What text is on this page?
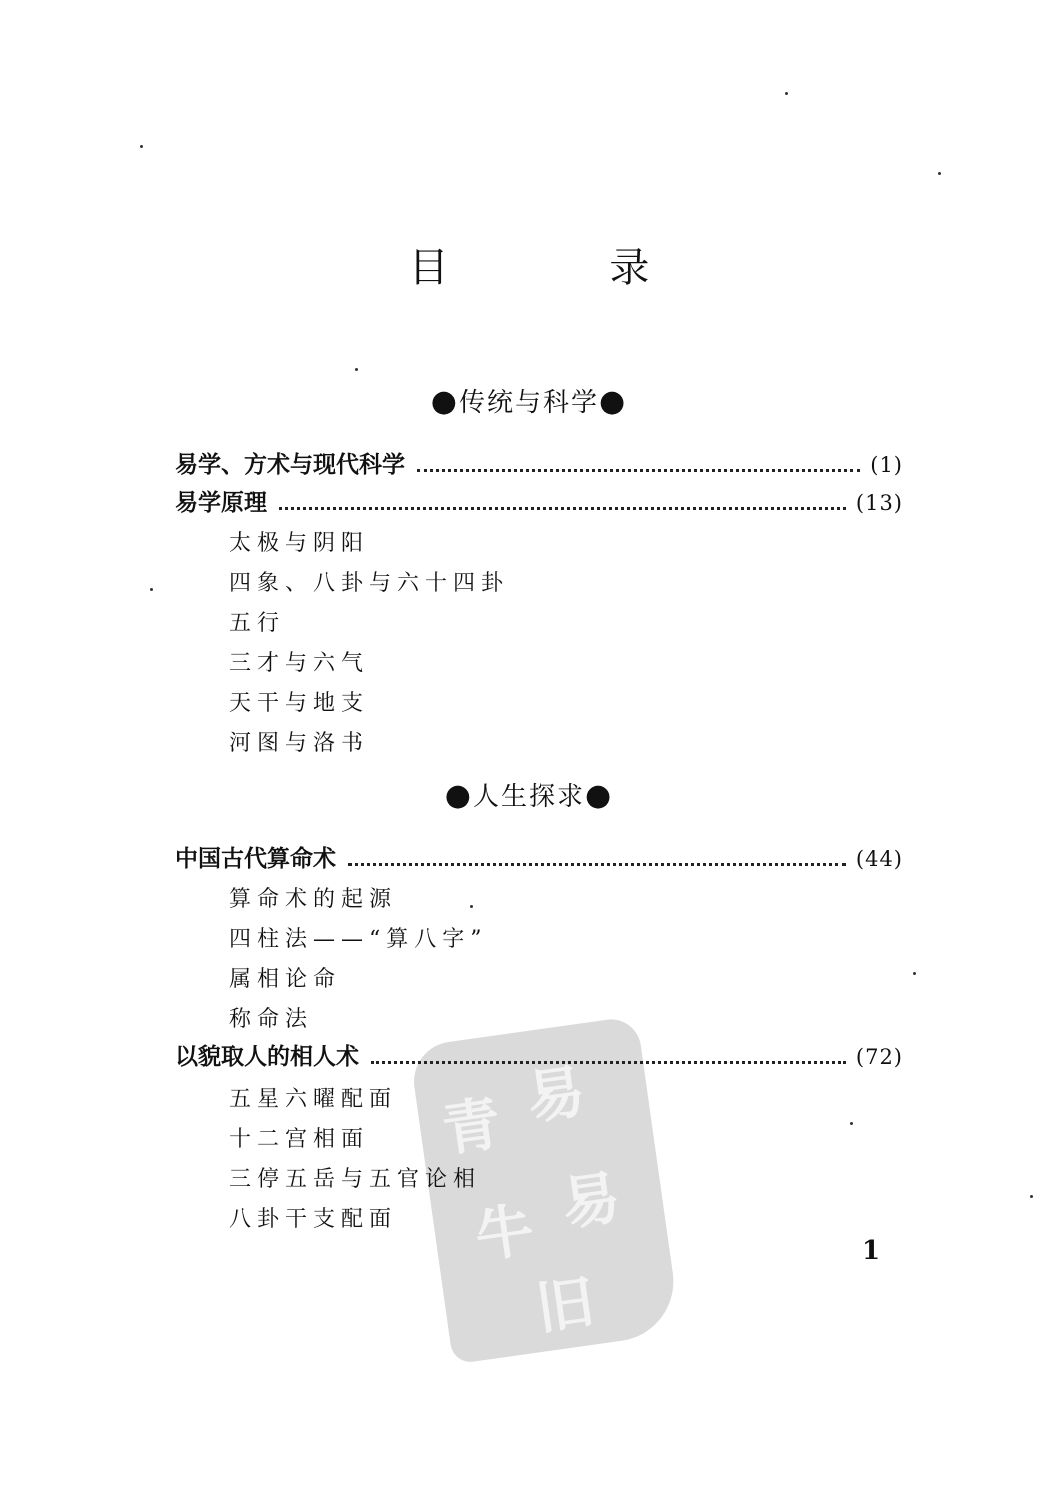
青 易
牛 易
旧
目 录
●传统与科学●
易学、方术与现代科学	(1)
易学原理	(13)
太极与阴阳
四象、八卦与六十四卦
五行
三才与六气
天干与地支
河图与洛书
●人生探求●
中国古代算命术	(44)
算命术的起源
四柱法——“算八字”
属相论命
称命法
以貌取人的相人术	(72)
五星六曜配面
十二宫相面
三停五岳与五官论相
八卦干支配面
1
